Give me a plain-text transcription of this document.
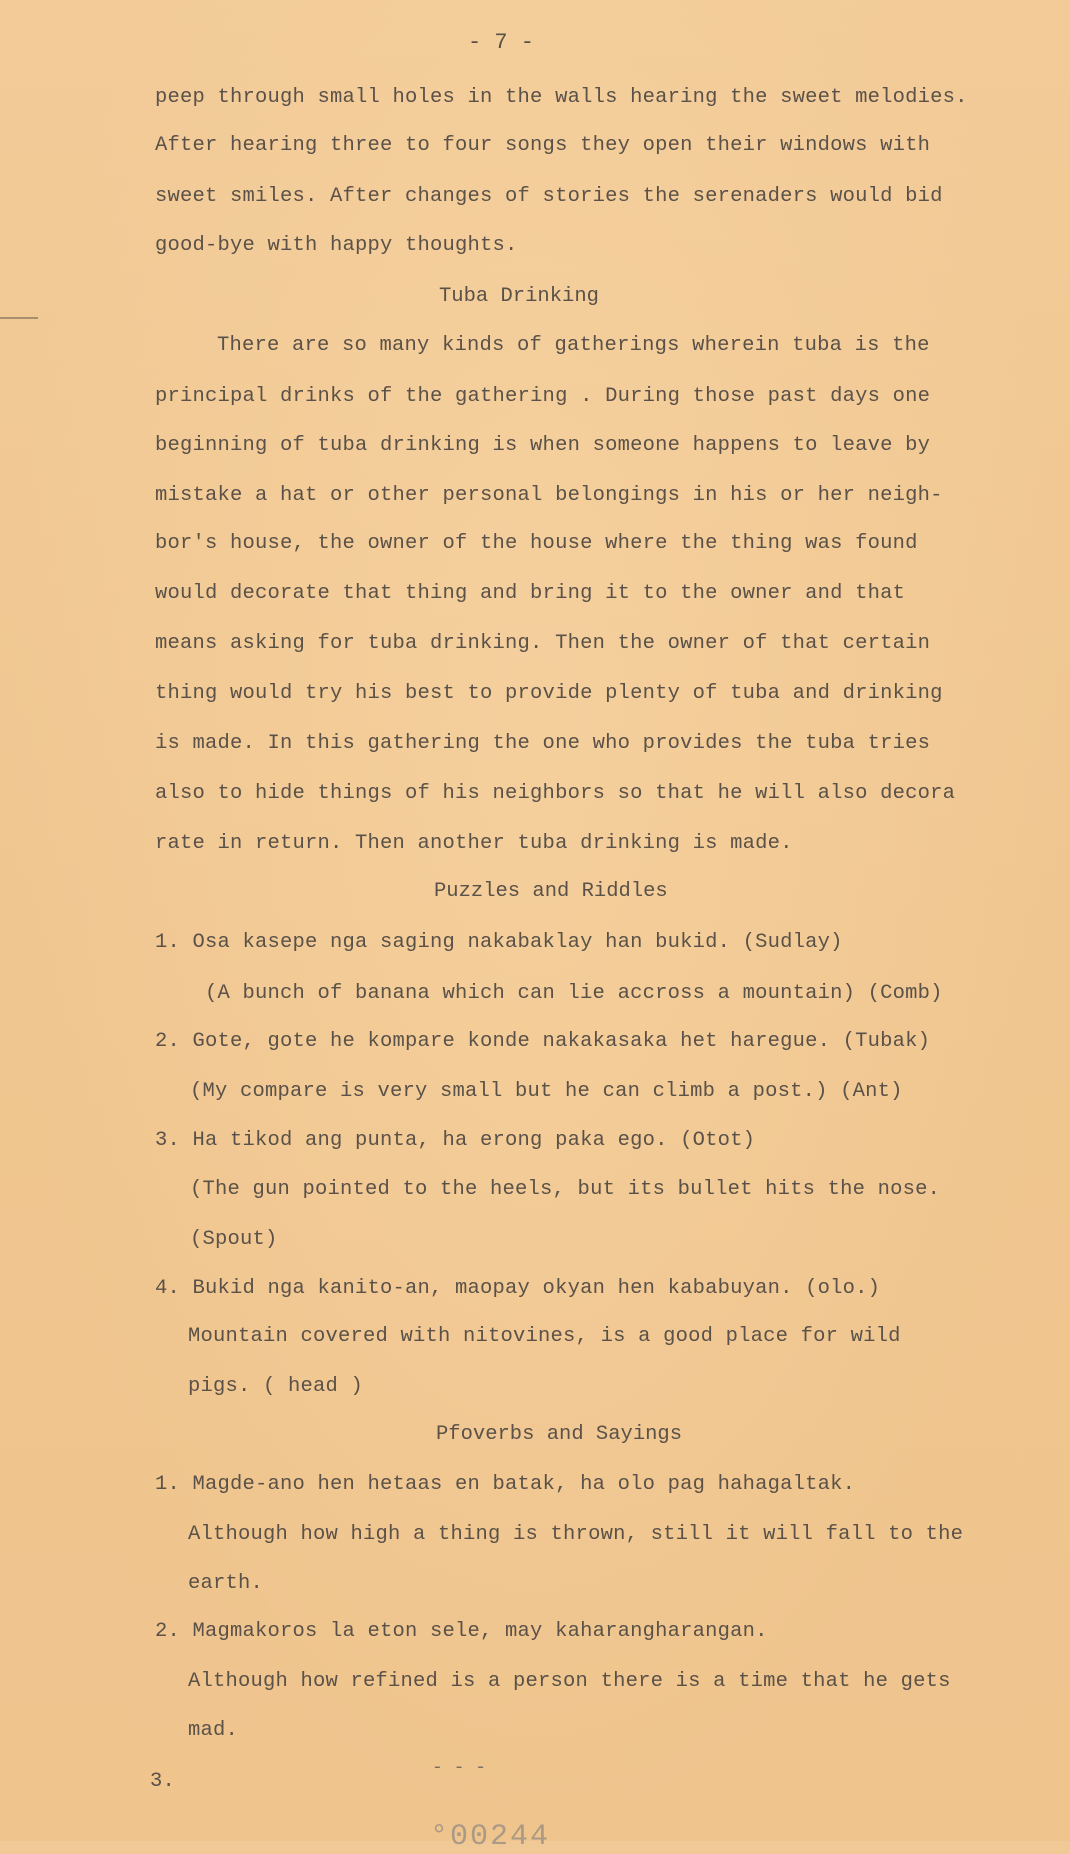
- 7 -
peep through small holes in the walls hearing the sweet melodies.
After hearing three to four songs they open their windows with
sweet smiles. After changes of stories the serenaders would bid
good-bye with happy thoughts.
Tuba Drinking
There are so many kinds of gatherings wherein tuba is the
principal drinks of the gathering . During those past days one
beginning of tuba drinking is when someone happens to leave by
mistake a hat or other personal belongings in his or her neigh-
bor's house, the owner of the house where the thing was found
would decorate that thing and bring it to the owner and that
means asking for tuba drinking. Then the owner of that certain
thing would try his best to provide plenty of tuba and drinking
is made. In this gathering the one who provides the tuba tries
also to hide things of his neighbors so that he will also decora
rate in return. Then another tuba drinking is made.
Puzzles and Riddles
1. Osa kasepe nga saging nakabaklay han bukid. (Sudlay)
(A bunch of banana which can lie accross a mountain) (Comb)
2. Gote, gote he kompare konde nakakasaka het haregue. (Tubak)
(My compare is very small but he can climb a post.) (Ant)
3. Ha tikod ang punta, ha erong paka ego. (Otot)
(The gun pointed to the heels, but its bullet hits the nose.
(Spout)
4. Bukid nga kanito-an, maopay okyan hen kababuyan. (olo.)
Mountain covered with nitovines, is a good place for wild
pigs. ( head )
Pfoverbs and Sayings
1. Magde-ano hen hetaas en batak, ha olo pag hahagaltak.
Although how high a thing is thrown, still it will fall to the
earth.
2. Magmakoros la eton sele, may kaharangharangan.
Although how refined is a person there is a time that he gets
mad.
3.
- - -
°00244
